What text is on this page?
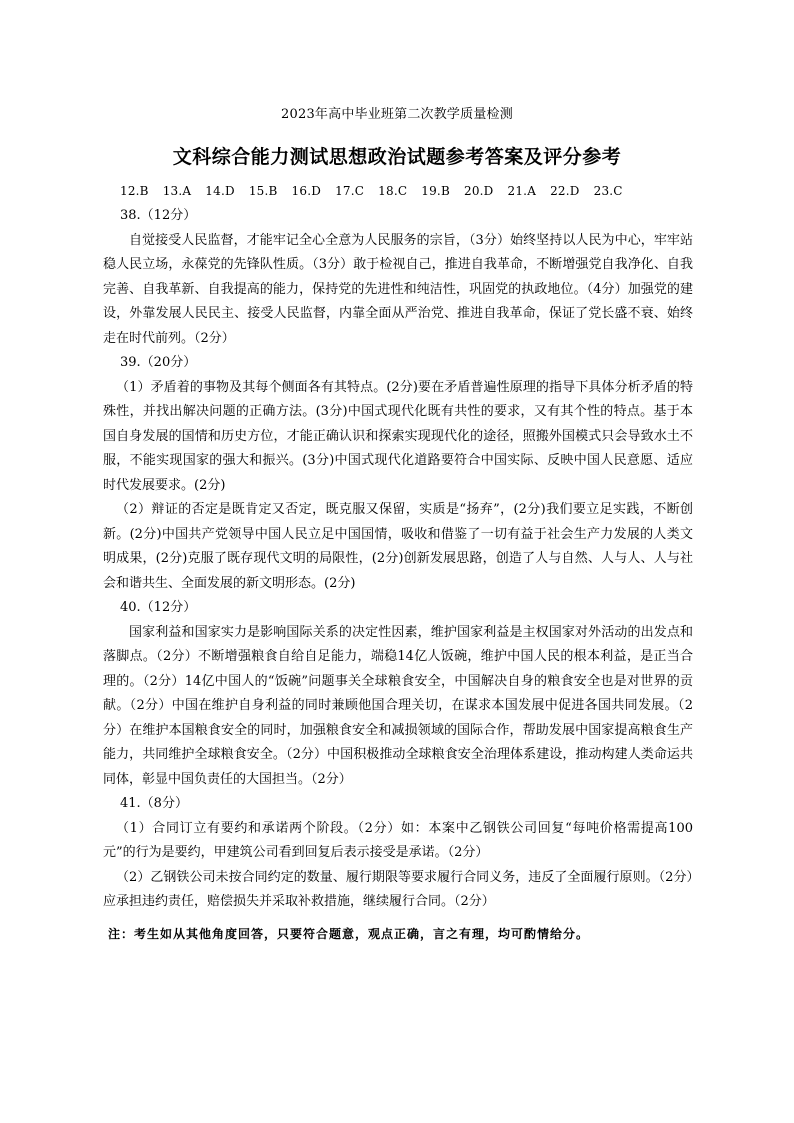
2023年高中毕业班第二次教学质量检测
文科综合能力测试思想政治试题参考答案及评分参考
12.B 13.A 14.D 15.B 16.D 17.C 18.C 19.B 20.D 21.A 22.D 23.C

38.（12分）

自觉接受人民监督，才能牢记全心全意为人民服务的宗旨，（3分）始终坚持以人民为中心，牢牢站稳人民立场，永葆党的先锋队性质。（3分）敢于检视自己，推进自我革命，不断增强党自我净化、自我完善、自我革新、自我提高的能力，保持党的先进性和纯洁性，巩固党的执政地位。（4分）加强党的建设，外靠发展人民民主、接受人民监督，内靠全面从严治党、推进自我革命，保证了党长盛不衰、始终走在时代前列。（2分）

39.（20分）

（1）矛盾着的事物及其每个侧面各有其特点。(2分)要在矛盾普遍性原理的指导下具体分析矛盾的特殊性，并找出解决问题的正确方法。(3分)中国式现代化既有共性的要求，又有其个性的特点。基于本国自身发展的国情和历史方位，才能正确认识和探索实现现代化的途径，照搬外国模式只会导致水土不服，不能实现国家的强大和振兴。(3分)中国式现代化道路要符合中国实际、反映中国人民意愿、适应时代发展要求。(2分)

（2）辩证的否定是既肯定又否定，既克服又保留，实质是“扬弃”，(2分)我们要立足实践，不断创新。(2分)中国共产党领导中国人民立足中国国情，吸收和借鉴了一切有益于社会生产力发展的人类文明成果，(2分)克服了既存现代文明的局限性，(2分)创新发展思路，创造了人与自然、人与人、人与社会和谐共生、全面发展的新文明形态。(2分)

40.（12分）

国家利益和国家实力是影响国际关系的决定性因素，维护国家利益是主权国家对外活动的出发点和落脚点。（2分）不断增强粮食自给自足能力，端稳14亿人饭碗，维护中国人民的根本利益，是正当合理的。（2分）14亿中国人的“饭碗”问题事关全球粮食安全，中国解决自身的粮食安全也是对世界的贡献。（2分）中国在维护自身利益的同时兼顾他国合理关切，在谋求本国发展中促进各国共同发展。（2分）在维护本国粮食安全的同时，加强粮食安全和减损领域的国际合作，帮助发展中国家提高粮食生产能力，共同维护全球粮食安全。（2分）中国积极推动全球粮食安全治理体系建设，推动构建人类命运共同体，彰显中国负责任的大国担当。（2分）

41.（8分）

（1）合同订立有要约和承诺两个阶段。（2分）如：本案中乙钢铁公司回复“每吨价格需提高100元”的行为是要约，甲建筑公司看到回复后表示接受是承诺。（2分）

（2）乙钢铁公司未按合同约定的数量、履行期限等要求履行合同义务，违反了全面履行原则。（2分）应承担违约责任，赔偿损失并采取补救措施，继续履行合同。（2分）

注：考生如从其他角度回答，只要符合题意，观点正确，言之有理，均可酌情给分。
